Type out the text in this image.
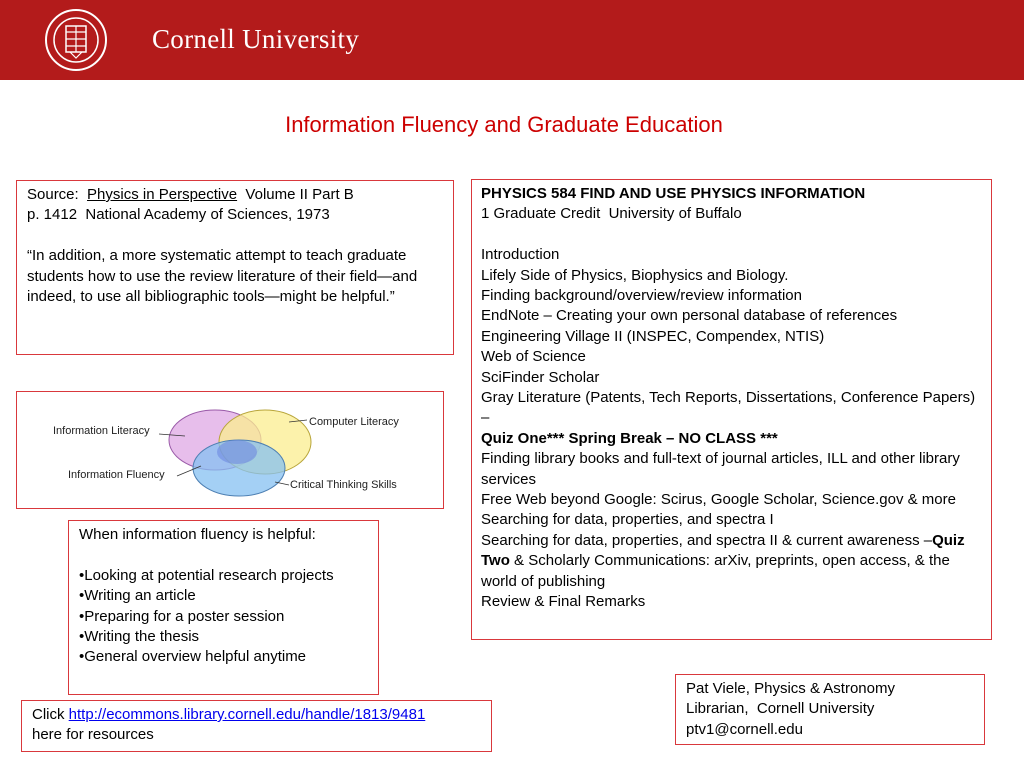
Cornell University
Information Fluency and Graduate Education

Source:  Physics in Perspective  Volume II Part B

p. 1412  National Academy of Sciences, 1973

“In addition, a more systematic attempt to teach graduate students how to use the review literature of their field—and indeed, to use all bibliographic tools—might be helpful.”

Information Literacy
Computer Literacy
Information Fluency
Critical Thinking Skills

PHYSICS 584 FIND AND USE PHYSICS INFORMATION

1 Graduate Credit  University of Buffalo

Introduction

Lifely Side of Physics, Biophysics and Biology.

Finding background/overview/review information

EndNote – Creating your own personal database of references

Engineering Village II (INSPEC, Compendex, NTIS)

Web of Science

SciFinder Scholar

Gray Literature (Patents, Tech Reports, Dissertations, Conference Papers) –

Quiz One*** Spring Break – NO CLASS ***

Finding library books and full-text of journal articles, ILL and other library services

Free Web beyond Google: Scirus, Google Scholar, Science.gov & more

Searching for data, properties, and spectra I

Searching for data, properties, and spectra II & current awareness –Quiz Two & Scholarly Communications: arXiv, preprints, open access, & the world of publishing

Review & Final Remarks

When information fluency is helpful:

•Looking at potential research projects

•Writing an article

•Preparing for a poster session

•Writing the thesis

•General overview helpful anytime

Click http://ecommons.library.cornell.edu/handle/1813/9481

here for resources

Pat Viele, Physics & Astronomy

Librarian,  Cornell University

ptv1@cornell.edu
